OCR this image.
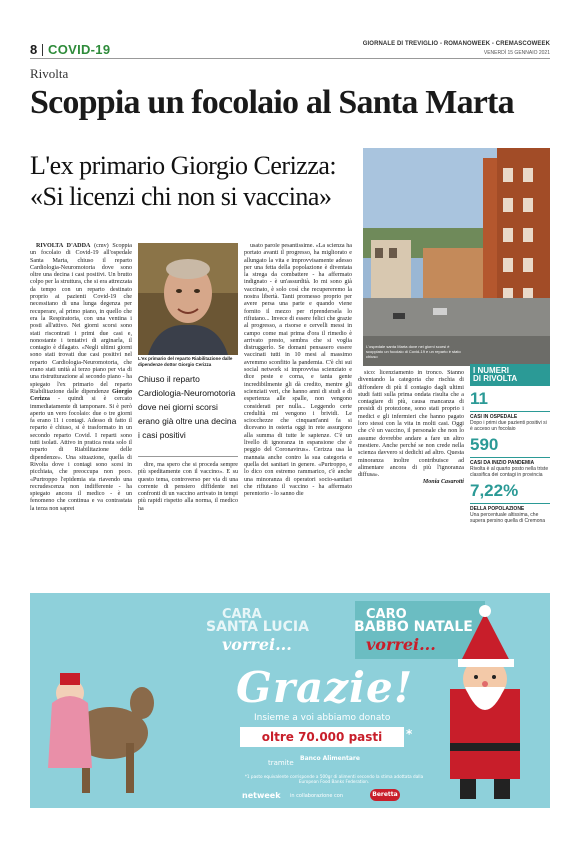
8 COVID-19	GIORNALE DI TREVIGLIO - ROMANOWEEK - CREMASCOWEEK
VENERDÌ 15 GENNAIO 2021
Rivolta
Scoppia un focolaio al Santa Marta
L'ex primario Giorgio Cerizza:
«Si licenzi chi non si vaccina»
L'ospedale santa Marta dove nei giorni scorsi è scoppiato un focolaio di Covid-19 e un reparto è stato chiuso

RIVOLTA D'ADDA (cmv) Scoppia un focolaio di Covid-19 all'ospedale Santa Marta, chiuso il reparto Cardiologia-Neuromotoria dove sono oltre una decina i casi positivi. Un brutto colpo per la struttura, che si era attrezzata da tempo con un reparto destinato proprio ai pazienti Covid-19 che necessitano di una lunga degenza per recuperare, al primo piano, in quello che era la Respiratoria, con una ventina i posti all'attivo. Nei giorni scorsi sono stati riscontrati i primi due casi e, nonostante i tentativi di arginarla, il contagio è dilagato. «Negli ultimi giorni sono stati trovati due casi positivi nel reparto Cardiologia-Neuromotoria, che erano stati unità al terzo piano per via di una ristrutturazione al secondo piano - ha spiegato l'ex primario del reparto Riabilitazione dalle dipendenze Giorgio Cerizza - quindi si è cercato immediatamente di tamponare. Si è però aperto un vero focolaio: due o tre giorni fa erano 11 i contagi. Adesso di fatto il reparto è chiuso, si è trasformato in un secondo reparto Covid. I reparti sono tutti isolati. Attivo in pratica resta solo il reparto di Riabilitazione delle dipendenze». Una situazione, quella di Rivolta dove i contagi sono scesi in picchiata, che preoccupa non poco. «Purtroppo l'epidemia sta riavendo una recrudescenza non indifferente - ha spiegato ancora il medico - è un fenomeno che continua e va contrastata la terza non saprei

L'ex primario del reparto Riabilitazione dalle dipendenze dottor Giorgio Cerizza
Chiuso il reparto Cardiologia-Neuromotoria dove nei giorni scorsi erano già oltre una decina i casi positivi

dire, ma spero che si proceda sempre più speditamente con il vaccino». E su questo tema, controverso per via di una corrente di pensiero diffidente nei confronti di un vaccino arrivato in tempi più rapidi rispetto alla norma, il medico ha

usato parole pesantissime. «La scienza ha portato avanti il progresso, ha migliorato e allungato la vita e improvvisamente adesso per una fetta della popolazione è diventata la strega da combattere - ha affermato indignato - è un'assurdità. Io mi sono già vaccinato, è solo così che recupereremo la nostra libertà. Tanti promesso proprio per avere persa una parte e quando viene fornito il mezzo per riprendersela lo rifiutano... Invece di essere felici che grazie al progresso, a risorse e cervelli messi in campo come mai prima d'ora il rimedio è arrivato presto, sembra che si voglia distruggerlo. Se domani pensasero essere vaccinati tutti in 10 mesi al massimo avremmo sconfitto la pandemia. C'è chi sui social network si improvvisa scienziato e dice peste e corna, e tanta gente incredibilmente gli dà credito, mentre gli scienziati veri, che hanno anni di studi e di esperienza alle spalle, non vengono considerati per nulla... Leggendo certe credulità mi vengono i brividi. Le sciocchezze che cinquant'anni fa si dicevano in osteria oggi in rete assurgono alla summa di tutte le sapienze. C'è un livello di ignoranza in espansione che è peggio del Coronavirus». Cerizza usa la mannaia anche contro la sua categoria e quella dei sanitari in genere. «Purtroppo, e lo dico con estremo rammarico, c'è anche una minoranza di operatori socio-sanitari che rifiutano il vaccino - ha affermato perentorio - lo sanno die

sico: licenziamento in tronco. Stanno diventando la categoria che rischia di diffondere di più il contagio dagli ultimi studi fatti sulla prima ondata risulta che a contagiare di più, causa mancanza di presidi di protezione, sono stati proprio i medici e gli infermieri che hanno pagato loro stessi con la vita in molti casi. Oggi che c'è un vaccino, il personale che non lo assume dovrebbe andare a fare un altro mestiere. Anche perché se non crede nella scienza davvero si dedichi ad altro. Questa minoranza inoltre contribuisce ad alimentare ancora di più l'ignoranza diffusa».

Monia Casarotti
I NUMERI
DI RIVOLTA
11
CASI IN OSPEDALE
Dopo i primi due pazienti positivi si è acceso un focolaio
590
CASI DA INIZIO PANDEMIA
Rivolta è al quarto posto nella triste classifica dei contagi in provincia
7,22%
DELLA POPOLAZIONE
Una percentuale altissima, che supera persino quella di Cremona
CARA
SANTA LUCIA
vorrei...
CARO
BABBO NATALE
vorrei...
Grazie!
Insieme a voi abbiamo donato
oltre 70.000 pasti	*
tramite
Banco Alimentare
*1 pasto equivalente corrisponde a 500gr di alimenti secondo la stima adottata dalla European Food Banks Federation.
netweek in collaborazione con	Beretta
